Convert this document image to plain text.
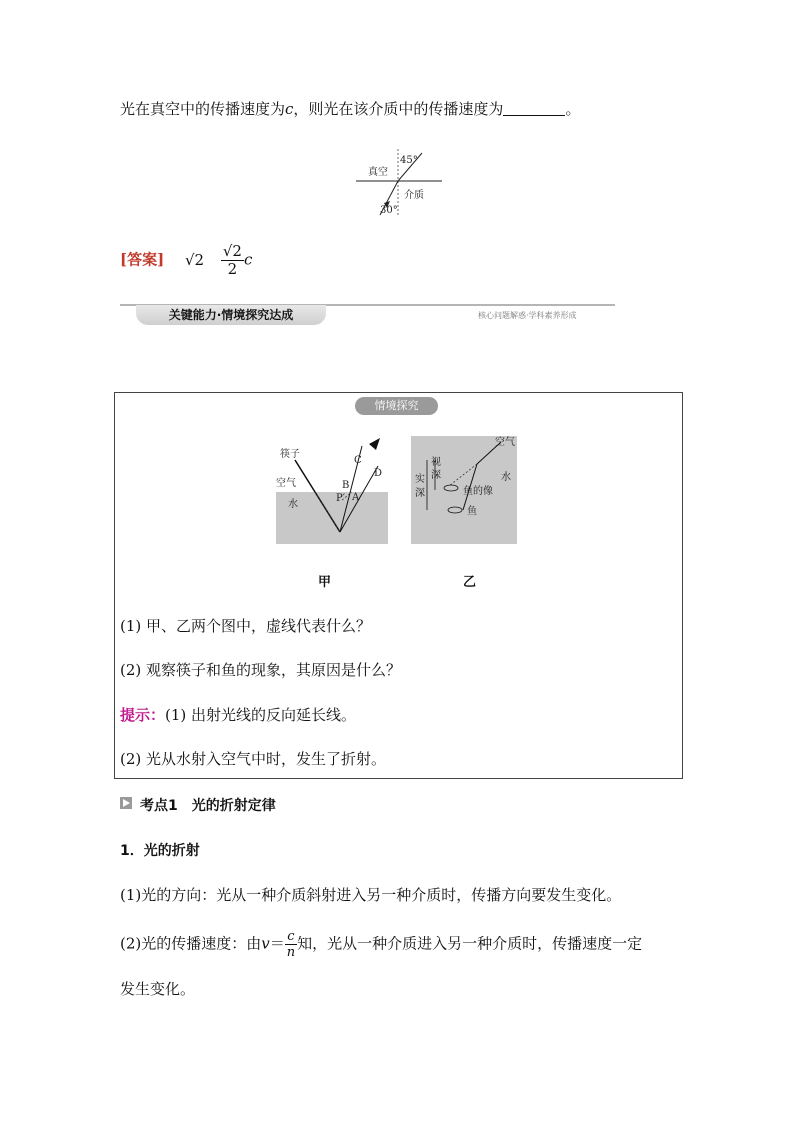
光在真空中的传播速度为c，则光在该介质中的传播速度为	。
45°
真空
介质
30°
[答案] $√2 \frac{√2}{2}$ c
关键能力·情境探究达成	核心问题解惑·学科素养形成
情境探究
筷子
空气
水
C
D
B
P′ A
空气
视
深	水
实
深	鱼的像
鱼
甲	乙
(1) 甲、乙两个图中，虚线代表什么？
(2) 观察筷子和鱼的现象，其原因是什么？
提示：(1) 出射光线的反向延长线。
(2) 光从水射入空气中时，发生了折射。
考点1　光的折射定律
1．光的折射
(1)光的方向：光从一种介质斜射进入另一种介质时，传播方向要发生变化。
(2)光的传播速度：由$v= \frac{c}{n}$ 知，光从一种介质进入另一种介质时，传播速度一定
发生变化。
